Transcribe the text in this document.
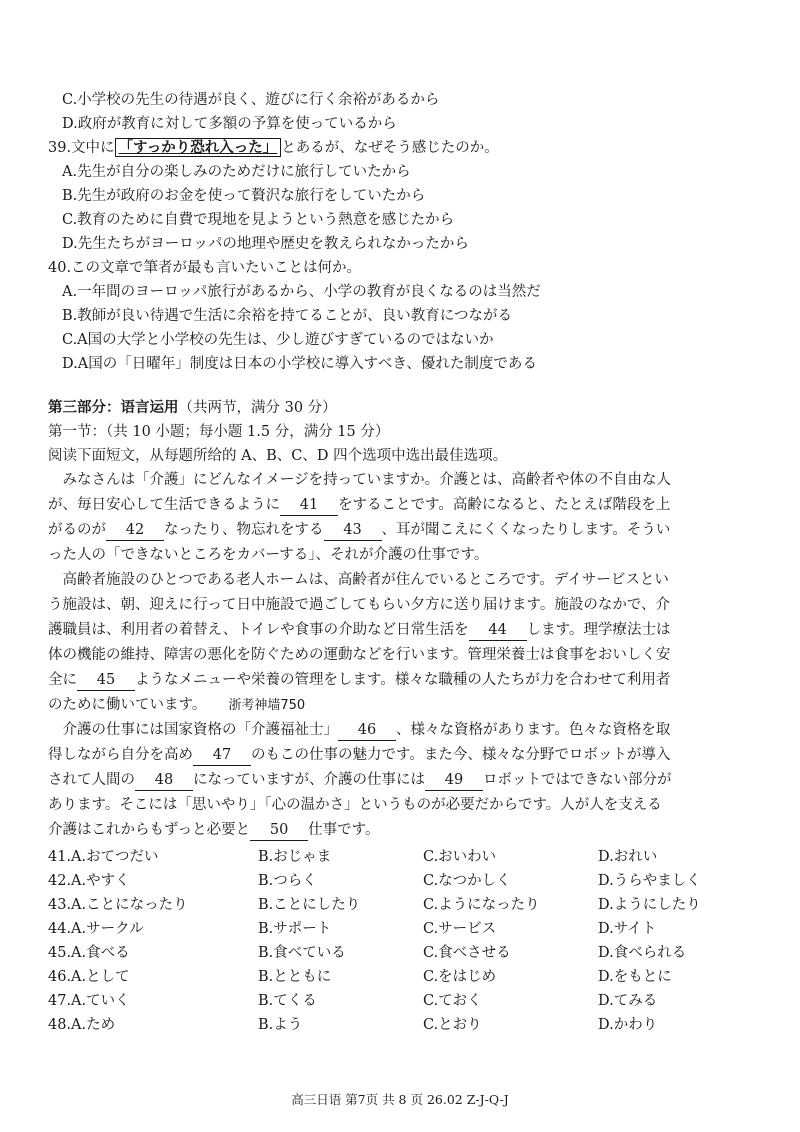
C.小学校の先生の待遇が良く、遊びに行く余裕があるから
D.政府が教育に対して多額の予算を使っているから
39.文中に 「すっかり恐れ入った」 とあるが、なぜそう感じたのか。
A.先生が自分の楽しみのためだけに旅行していたから
B.先生が政府のお金を使って贅沢な旅行をしていたから
C.教育のために自費で現地を見ようという熱意を感じたから
D.先生たちがヨーロッパの地理や歴史を教えられなかったから
40.この文章で筆者が最も言いたいことは何か。
A.一年間のヨーロッパ旅行があるから、小学の教育が良くなるのは当然だ
B.教師が良い待遇で生活に余裕を持てることが、良い教育につながる
C.A国の大学と小学校の先生は、少し遊びすぎているのではないか
D.A国の「日曜年」制度は日本の小学校に導入すべき、優れた制度である
第三部分：语言运用（共两节，满分 30 分）
第一节：（共 10 小题；每小题 1.5 分，满分 15 分）
阅读下面短文，从每题所给的 A、B、C、D 四个选项中选出最佳选项。
　みなさんは「介護」にどんなイメージを持っていますか。介護とは、高齢者や体の不自由な人
が、毎日安心して生活できるように 41 をすることです。高齢になると、たとえば階段を上
がるのが 42 なったり、物忘れをする 43 、耳が聞こえにくくなったりします。そうい
った人の「できないところをカバーする」、それが介護の仕事です。
　高齢者施設のひとつである老人ホームは、高齢者が住んでいるところです。デイサービスとい
う施設は、朝、迎えに行って日中施設で過ごしてもらい夕方に送り届けます。施設のなかで、介
護職員は、利用者の着替え、トイレや食事の介助など日常生活を 44 します。理学療法士は
体の機能の維持、障害の悪化を防ぐための運動などを行います。管理栄養士は食事をおいしく安
全に 45 ようなメニューや栄養の管理をします。様々な職種の人たちが力を合わせて利用者
のために働いています。 浙考神墙750
　介護の仕事には国家資格の「介護福祉士」 46 、様々な資格があります。色々な資格を取
得しながら自分を高め 47 のもこの仕事の魅力です。また今、様々な分野でロボットが導入
されて人間の 48 になっていますが、介護の仕事には 49 ロボットではできない部分が
あります。そこには「思いやり」「心の温かさ」というものが必要だからです。人が人を支える
介護はこれからもずっと必要と 50 仕事です。
41.A.おてつだい	B.おじゃま	C.おいわい	D.おれい
42.A.やすく	B.つらく	C.なつかしく	D.うらやましく
43.A.ことになったり	B.ことにしたり	C.ようになったり	D.ようにしたり
44.A.サークル	B.サポート	C.サービス	D.サイト
45.A.食べる	B.食べている	C.食べさせる	D.食べられる
46.A.として	B.とともに	C.をはじめ	D.をもとに
47.A.ていく	B.てくる	C.ておく	D.てみる
48.A.ため	B.よう	C.とおり	D.かわり
高三日语 第7页 共 8 页 26.02 Z-J-Q-J
